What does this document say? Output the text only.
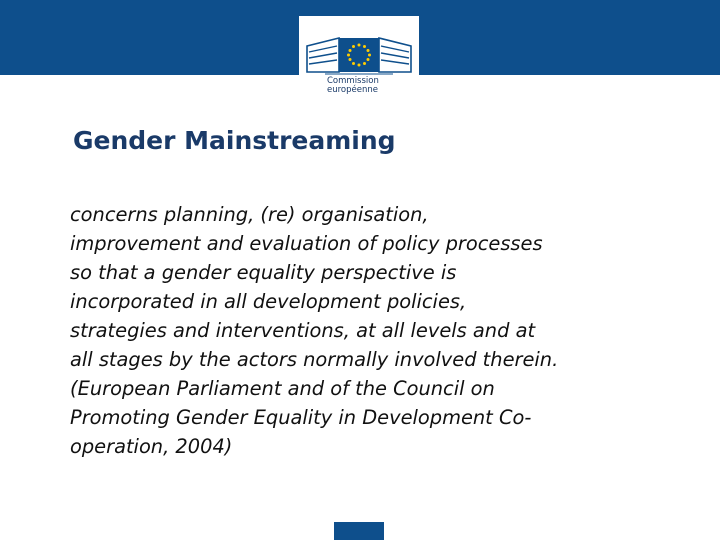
Commission
européenne
Gender Mainstreaming
concerns planning, (re) organisation,
improvement and evaluation of policy processes
so that a gender equality perspective is
incorporated in all development policies,
strategies and interventions, at all levels and at
all stages by the actors normally involved therein.
(European Parliament and of the Council on
Promoting Gender Equality in Development Co-
operation, 2004)
